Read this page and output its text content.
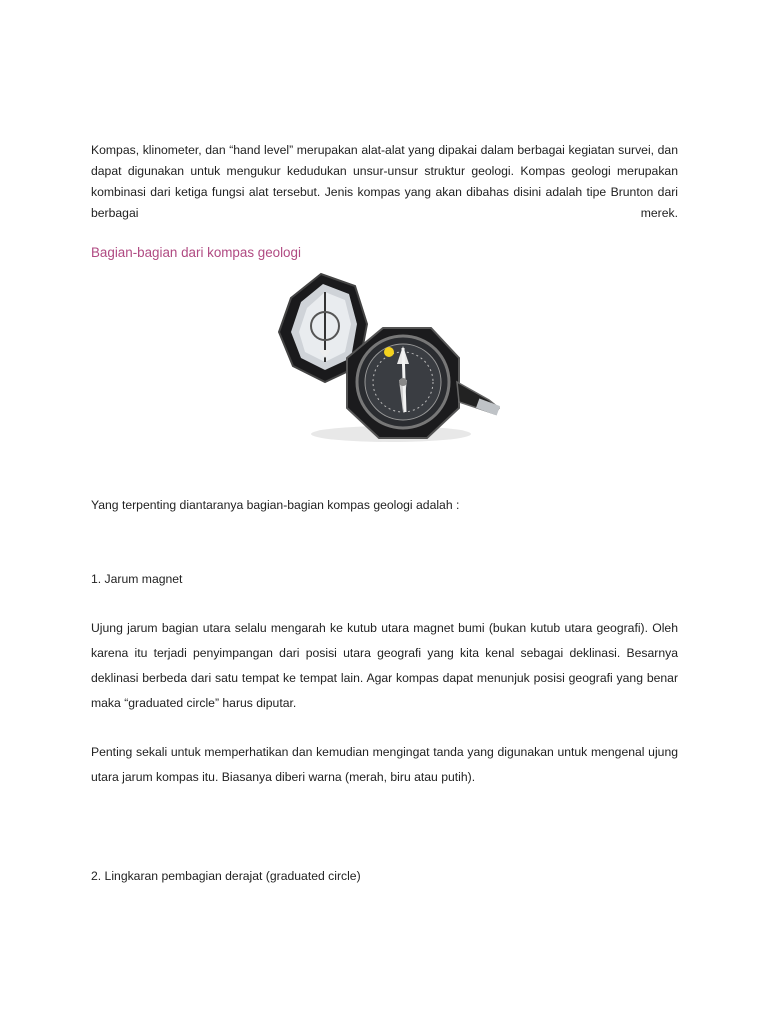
Kompas, klinometer, dan “hand level” merupakan alat-alat yang dipakai dalam berbagai kegiatan survei, dan
dapat digunakan untuk mengukur kedudukan unsur-unsur struktur geologi. Kompas geologi merupakan
kombinasi dari ketiga fungsi alat tersebut. Jenis kompas yang akan dibahas disini adalah tipe Brunton dari
berbagai	merek.
Bagian-bagian dari kompas geologi
Yang terpenting diantaranya bagian-bagian kompas geologi adalah :
1. Jarum magnet
Ujung jarum bagian utara selalu mengarah ke kutub utara magnet bumi (bukan kutub utara geografi). Oleh karena itu terjadi penyimpangan dari posisi utara geografi yang kita kenal sebagai deklinasi. Besarnya deklinasi berbeda dari satu tempat ke tempat lain. Agar kompas dapat menunjuk posisi geografi yang benar maka “graduated circle” harus diputar.
Penting sekali untuk memperhatikan dan kemudian mengingat tanda yang digunakan untuk mengenal ujung utara jarum kompas itu. Biasanya diberi warna (merah, biru atau putih).
2. Lingkaran pembagian derajat (graduated circle)
